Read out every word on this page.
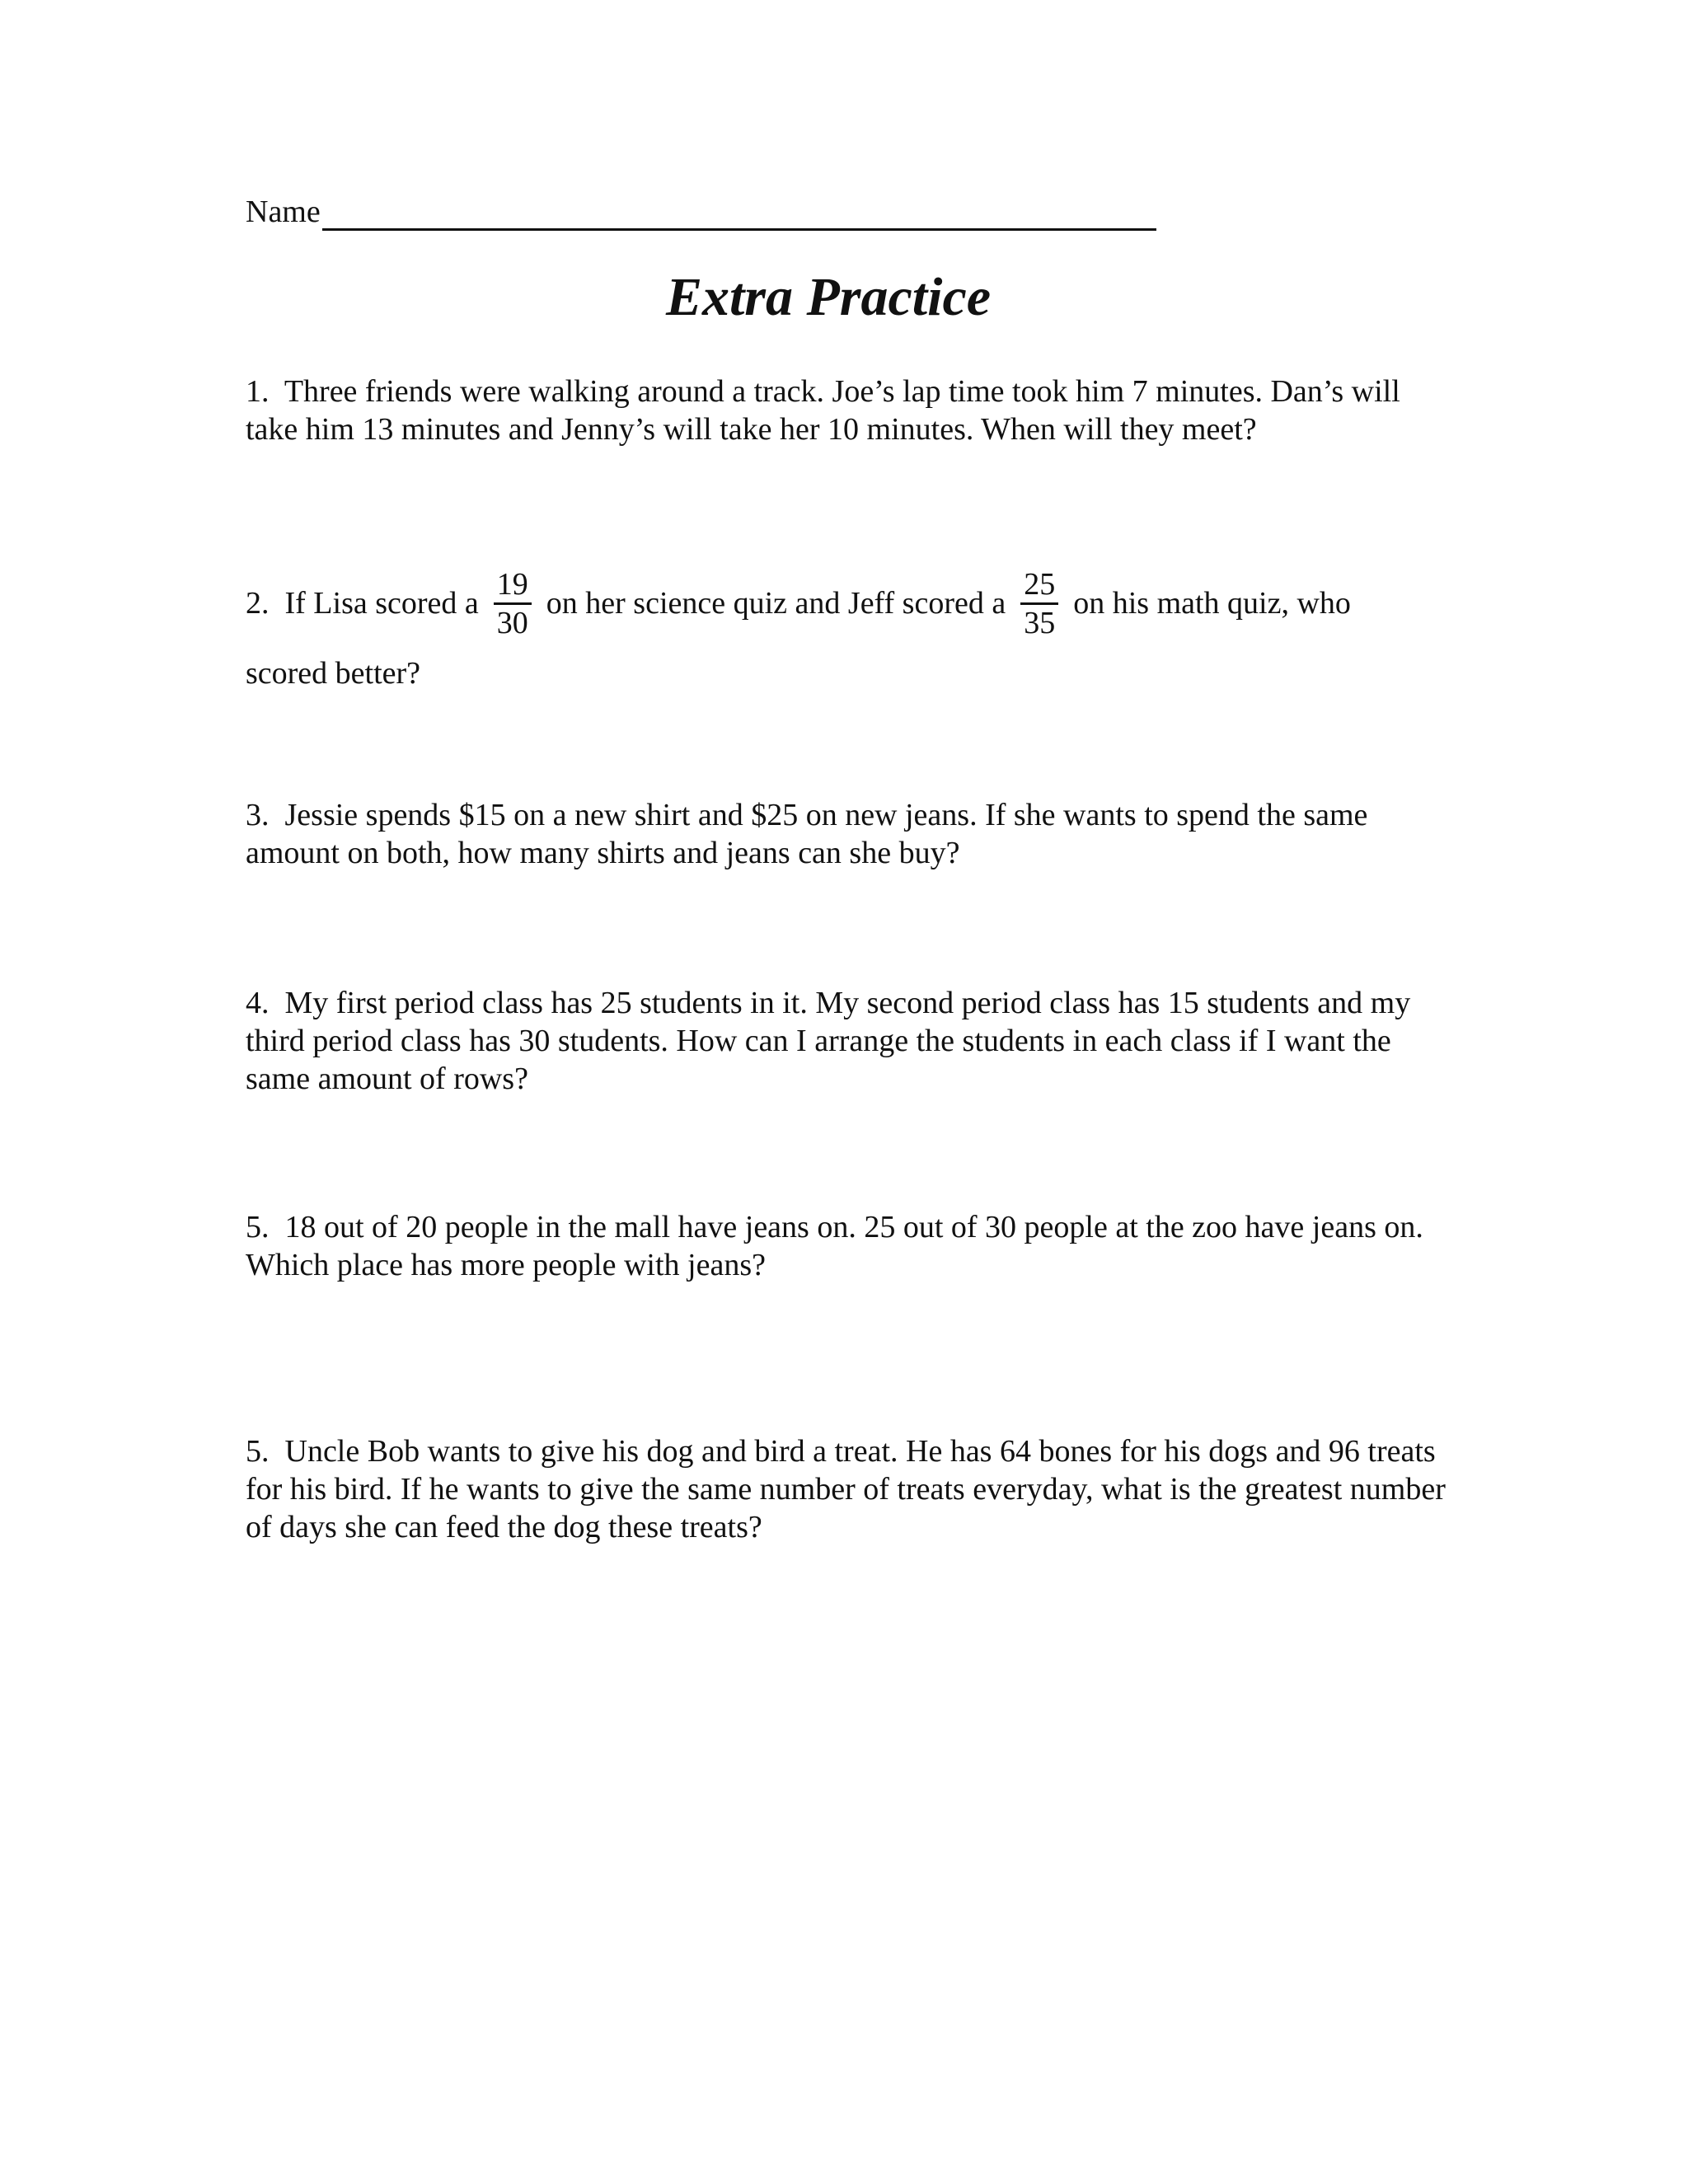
Name
Extra Practice

1. Three friends were walking around a track. Joe’s lap time took him 7 minutes. Dan’s will take him 13 minutes and Jenny’s will take her 10 minutes. When will they meet?

2.
If Lisa scored a $\frac{19}{30}$ on her science quiz and Jeff scored a $\frac{25}{35}$ on his math quiz, who
scored better?

3. Jessie spends $15 on a new shirt and $25 on new jeans. If she wants to spend the same amount on both, how many shirts and jeans can she buy?

4. My first period class has 25 students in it. My second period class has 15 students and my third period class has 30 students. How can I arrange the students in each class if I want the same amount of rows?

5. 18 out of 20 people in the mall have jeans on. 25 out of 30 people at the zoo have jeans on. Which place has more people with jeans?

5. Uncle Bob wants to give his dog and bird a treat. He has 64 bones for his dogs and 96 treats for his bird. If he wants to give the same number of treats everyday, what is the greatest number of days she can feed the dog these treats?
